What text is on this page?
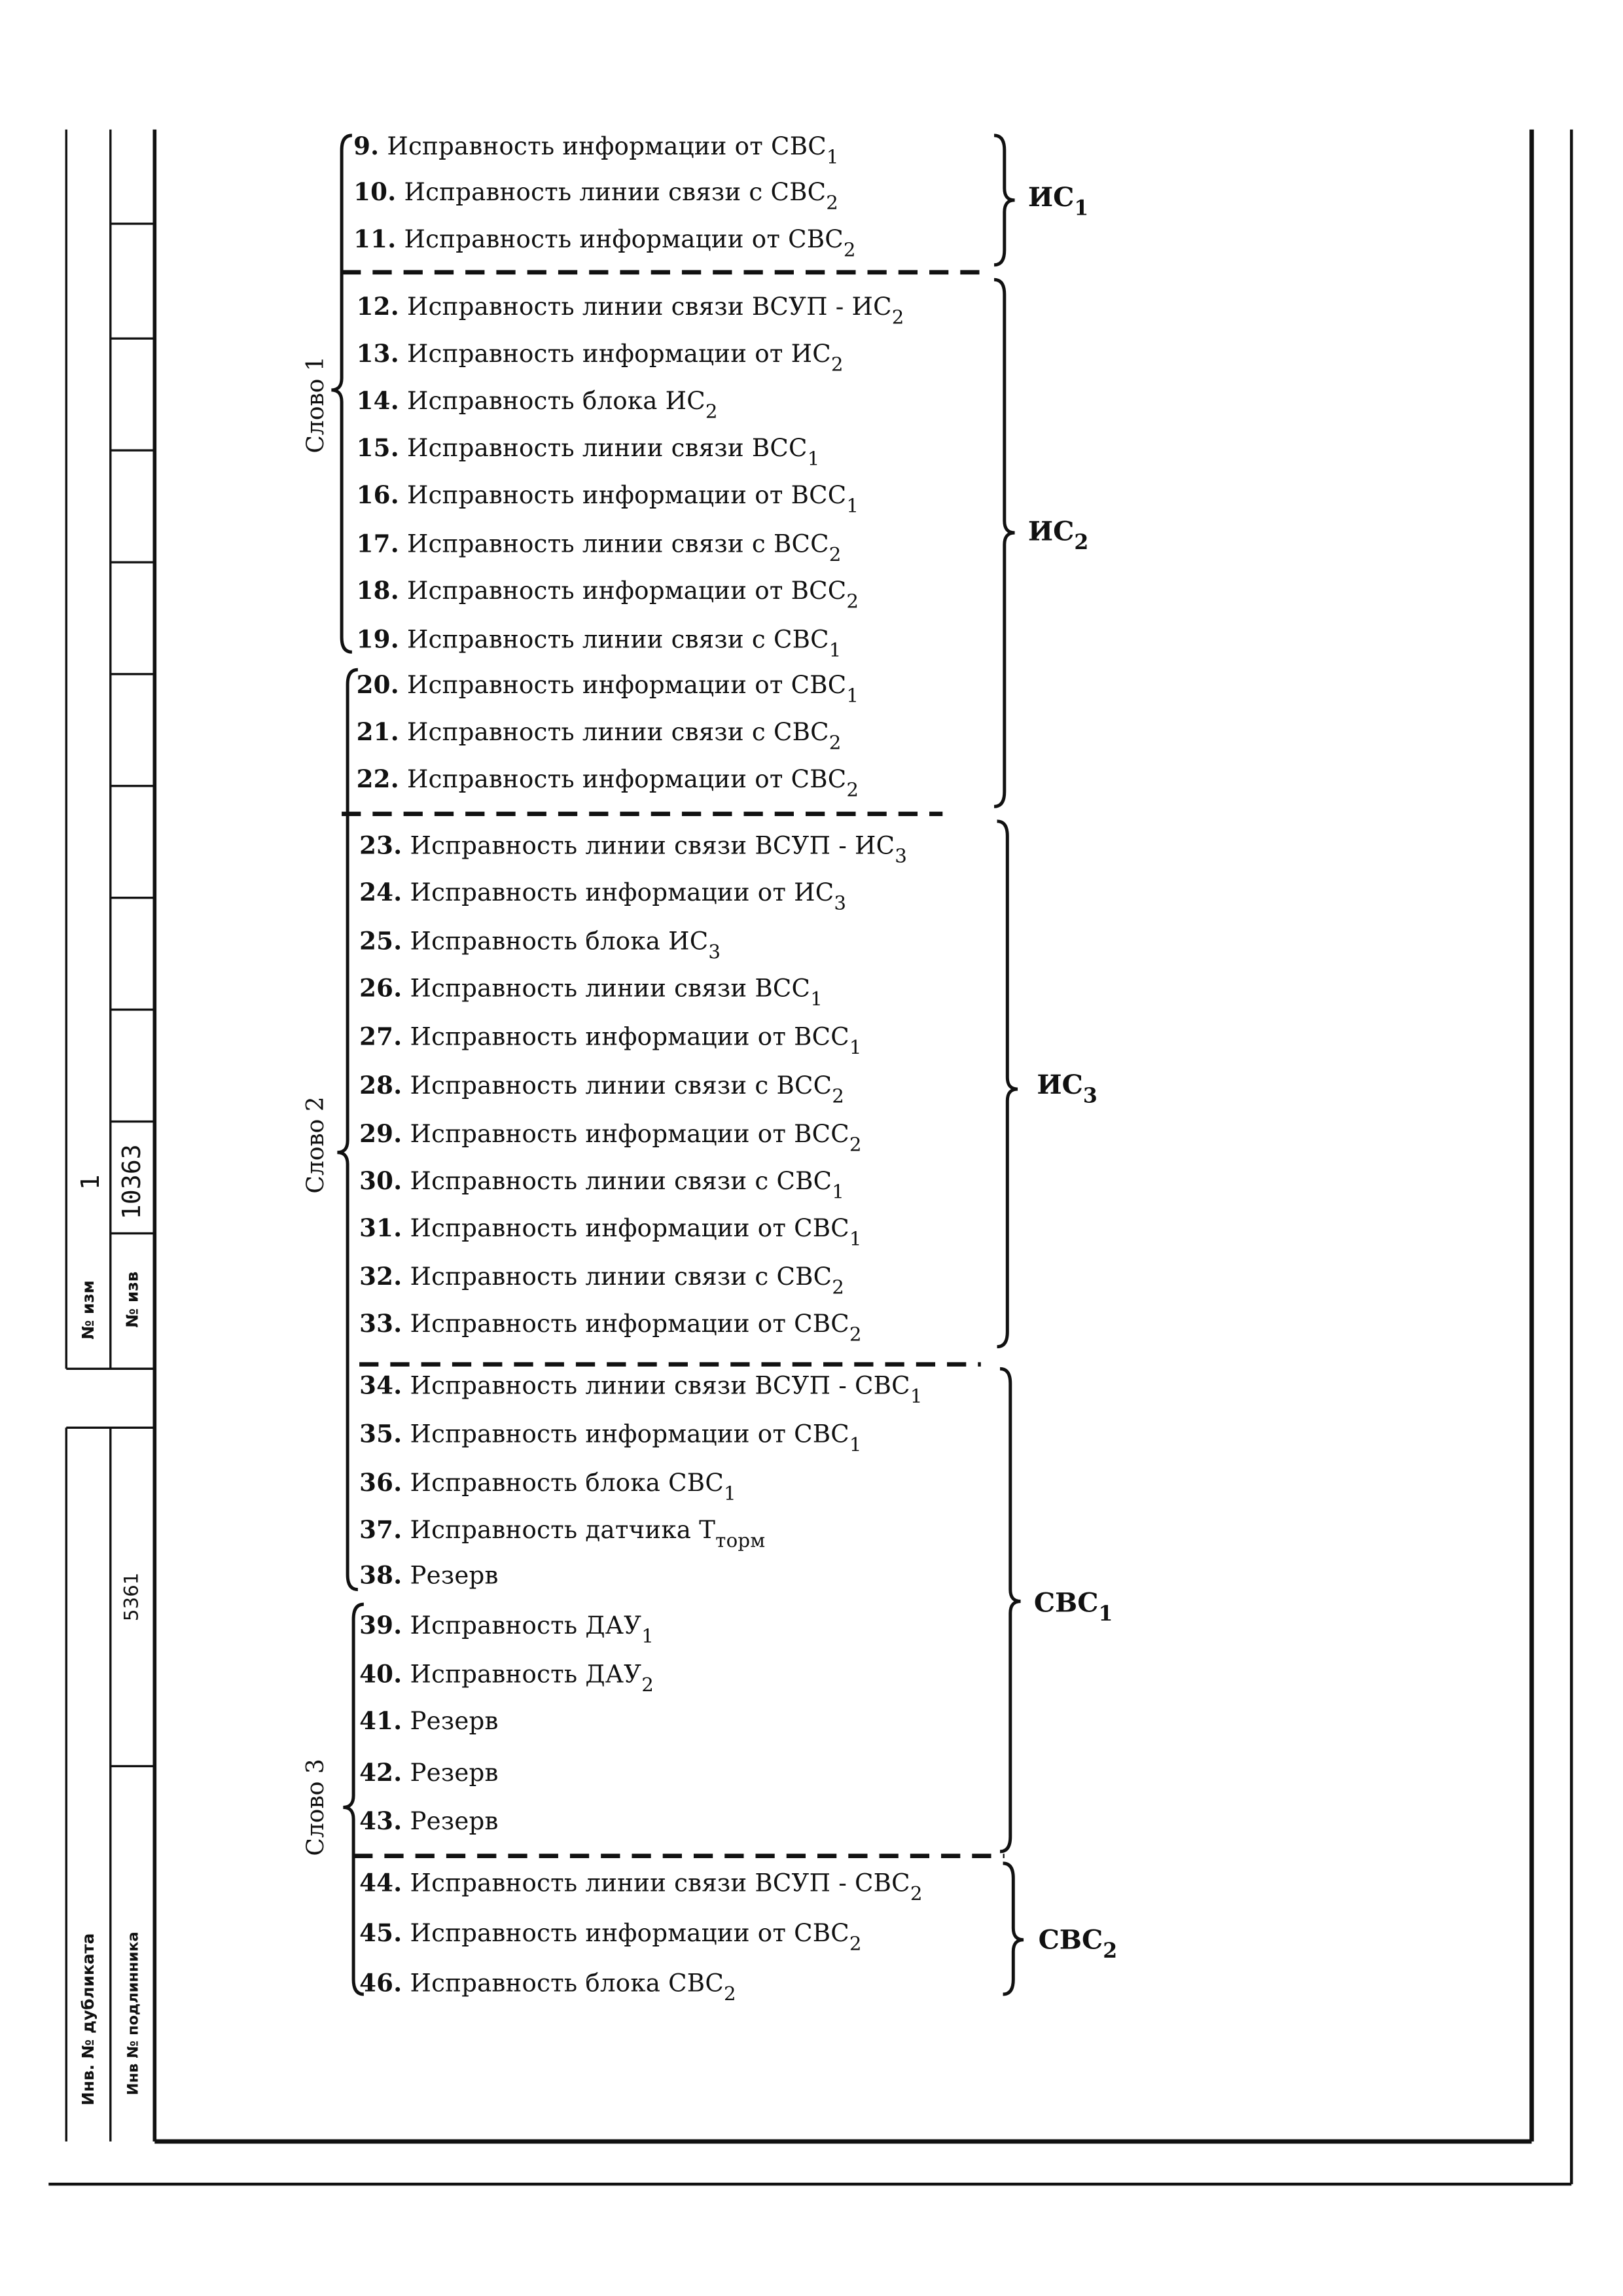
№ изм
1
№ изв
10363
5361
Инв. № дубликата	Инв № подлинника
Слово 1
Слово 2
Слово 3
9. Исправность информации от $СВС_1$
10. Исправность линии связи с $СВС_2$
11. Исправность информации от $СВС_2$
12. Исправность линии связи ВСУП - $ИС_2$
13. Исправность информации от $ИС_2$
14. Исправность блока $ИС_2$
15. Исправность линии связи $ВСС_1$
16. Исправность информации от $ВСС_1$
17. Исправность линии связи с $ВСС_2$
18. Исправность информации от $ВСС_2$
19. Исправность линии связи с $СВС_1$
20. Исправность информации от $СВС_1$
21. Исправность линии связи с $СВС_2$
22. Исправность информации от $СВС_2$
23. Исправность линии связи ВСУП - $ИС_3$
24. Исправность информации от $ИС_3$
25. Исправность блока $ИС_3$
26. Исправность линии связи $ВСС_1$
27. Исправность информации от $ВСС_1$
28. Исправность линии связи с $ВСС_2$
29. Исправность информации от $ВСС_2$
30. Исправность линии связи с $СВС_1$
31. Исправность информации от $СВС_1$
32. Исправность линии связи с $СВС_2$
33. Исправность информации от $СВС_2$
34. Исправность линии связи ВСУП - $СВС_1$
35. Исправность информации от $СВС_1$
36. Исправность блока $СВС_1$
37. Исправность датчика $Т_{торм}$
38. Резерв
39. Исправность $ДАУ_1$
40. Исправность $ДАУ_2$
41. Резерв
42. Резерв
43. Резерв
44. Исправность линии связи ВСУП - $СВС_2$
45. Исправность информации от $СВС_2$
46. Исправность блока $СВС_2$
$ИС_1$
$ИС_2$
$ИС_3$
$СВС_1$
$СВС_2$
